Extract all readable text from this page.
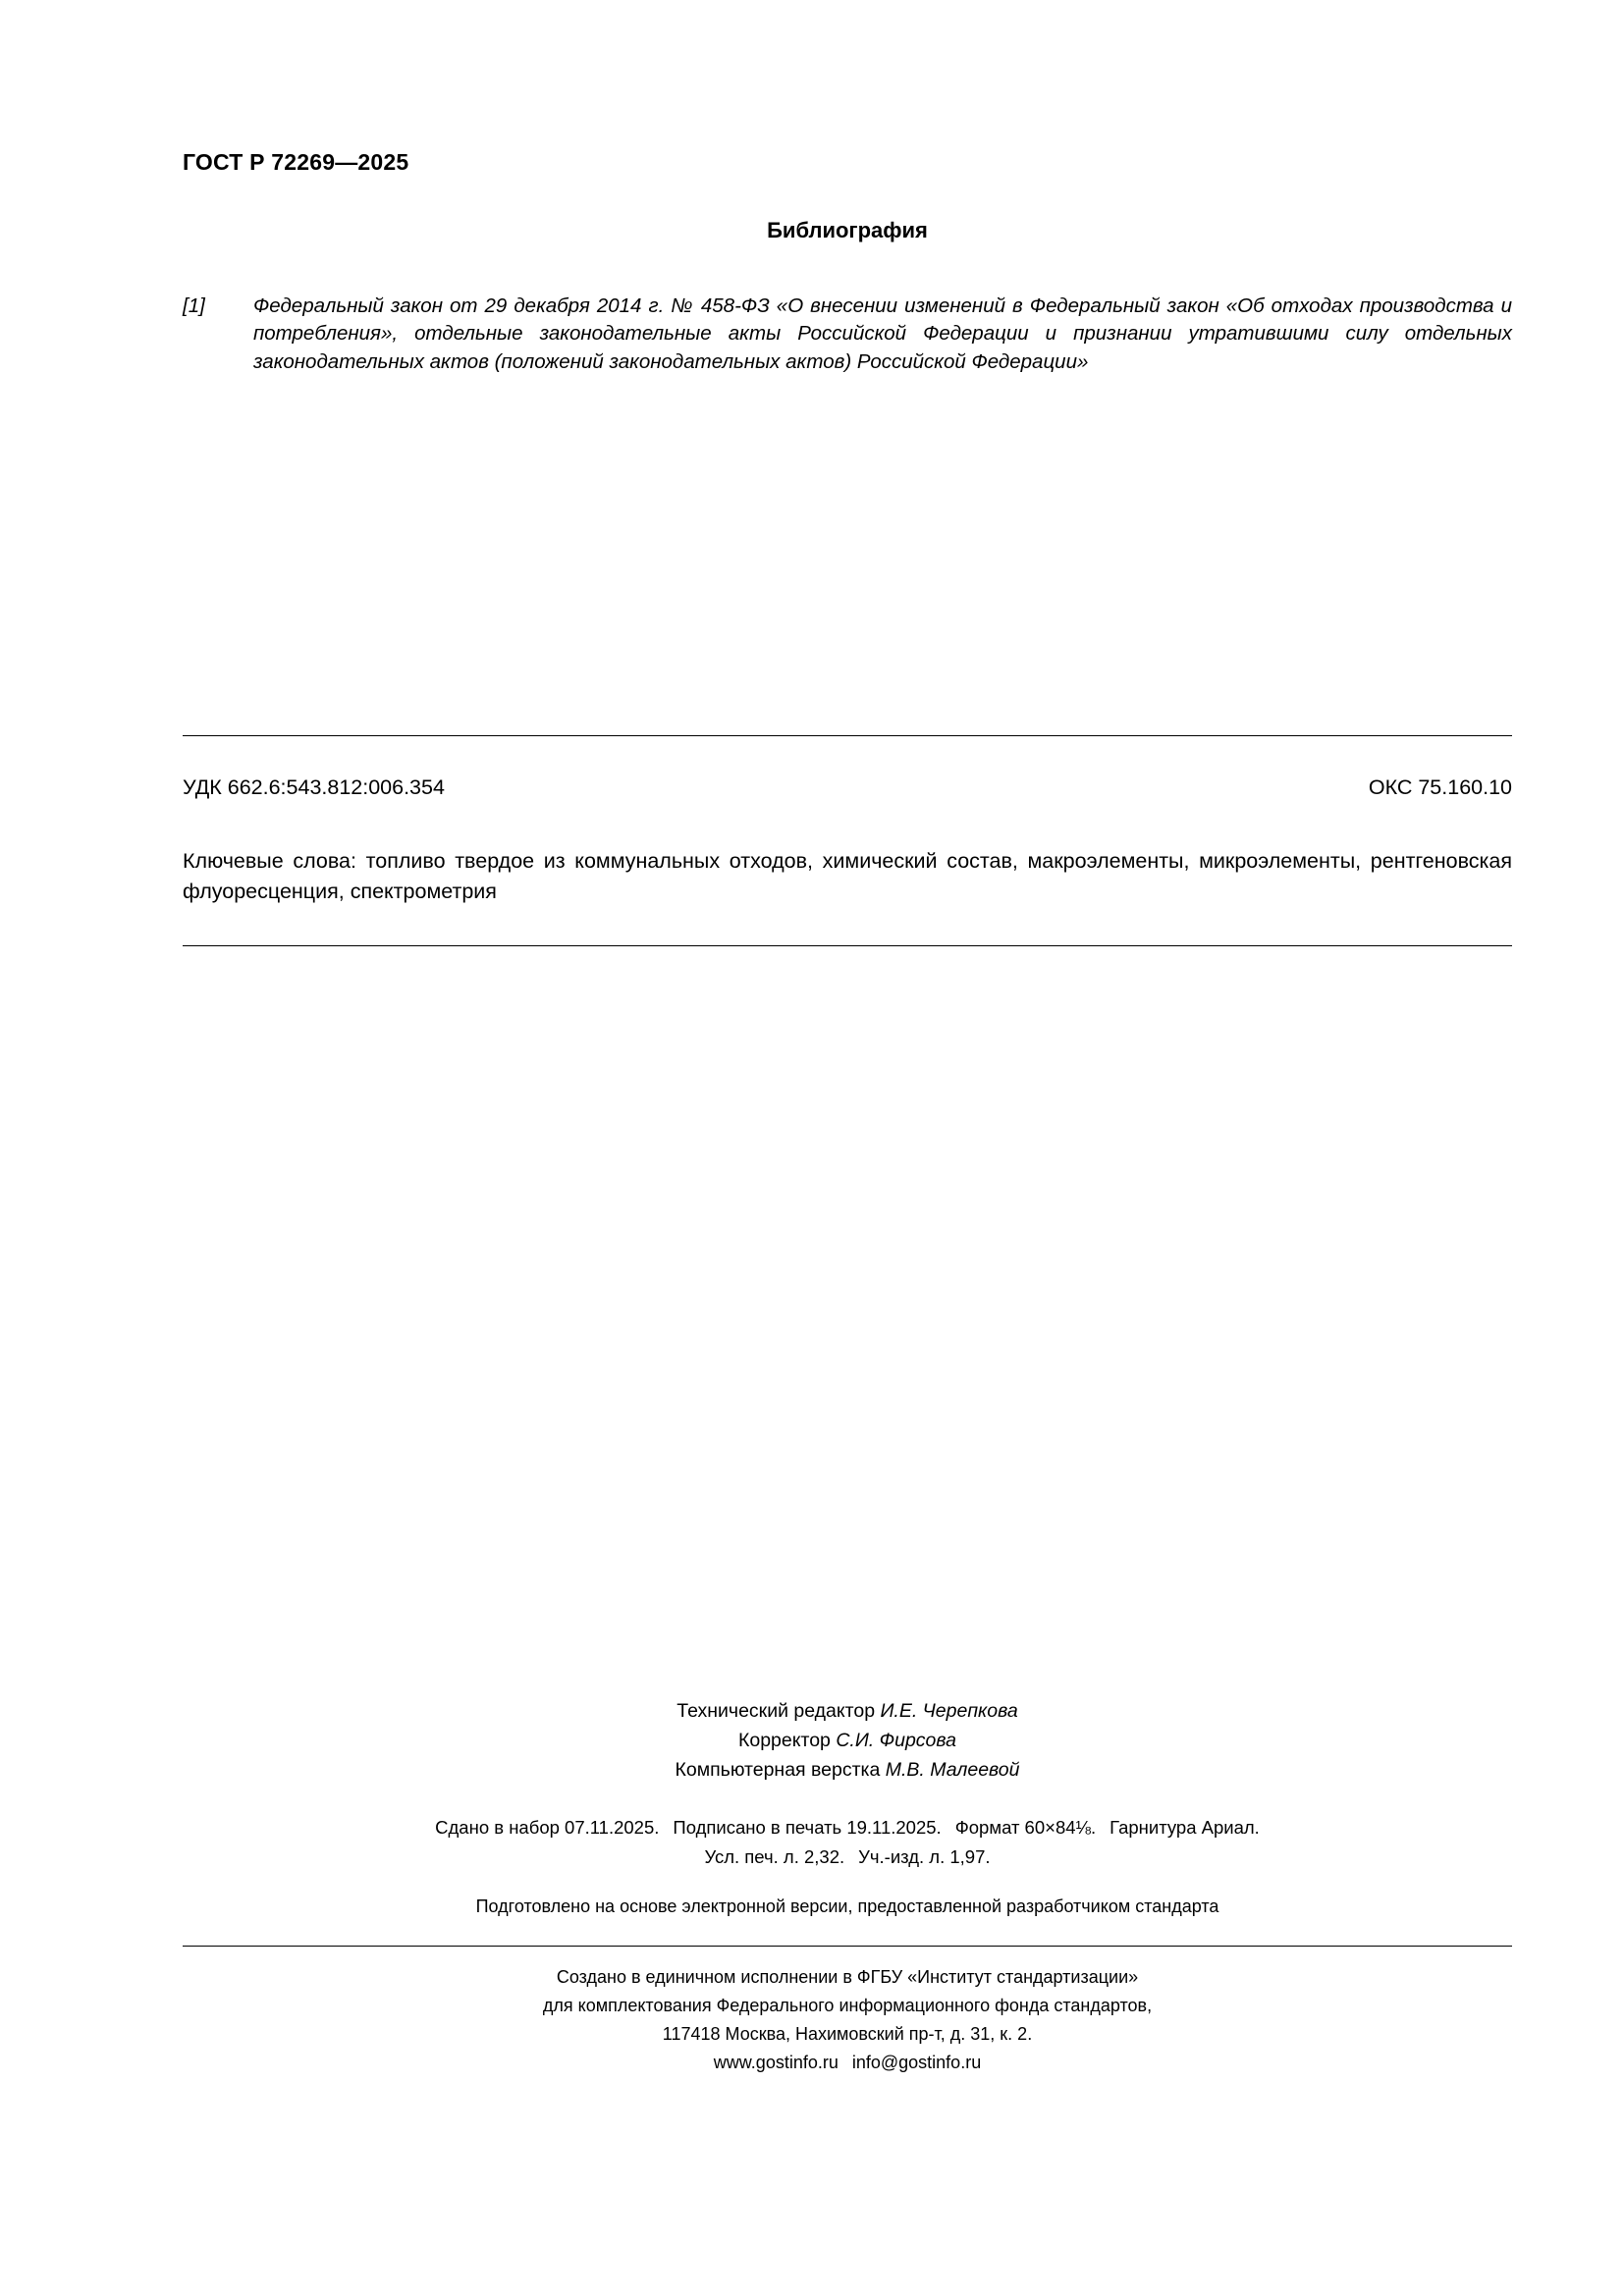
ГОСТ Р 72269—2025
Библиография
[1]	Федеральный закон от 29 декабря 2014 г. № 458-ФЗ «О внесении изменений в Федеральный закон «Об отходах производства и потребления», отдельные законодательные акты Российской Федерации и признании утратившими силу отдельных законодательных актов (положений законодательных актов) Российской Федерации»
УДК 662.6:543.812:006.354	ОКС 75.160.10
Ключевые слова: топливо твердое из коммунальных отходов, химический состав, макроэлементы, микроэлементы, рентгеновская флуоресценция, спектрометрия
Технический редактор И.Е. Черепкова
Корректор С.И. Фирсова
Компьютерная верстка М.В. Малеевой
Сдано в набор 07.11.2025. Подписано в печать 19.11.2025. Формат 60×84⅛. Гарнитура Ариал.
Усл. печ. л. 2,32. Уч.-изд. л. 1,97.
Подготовлено на основе электронной версии, предоставленной разработчиком стандарта
Создано в единичном исполнении в ФГБУ «Институт стандартизации»
для комплектования Федерального информационного фонда стандартов,
117418 Москва, Нахимовский пр-т, д. 31, к. 2.
www.gostinfo.ru info@gostinfo.ru
